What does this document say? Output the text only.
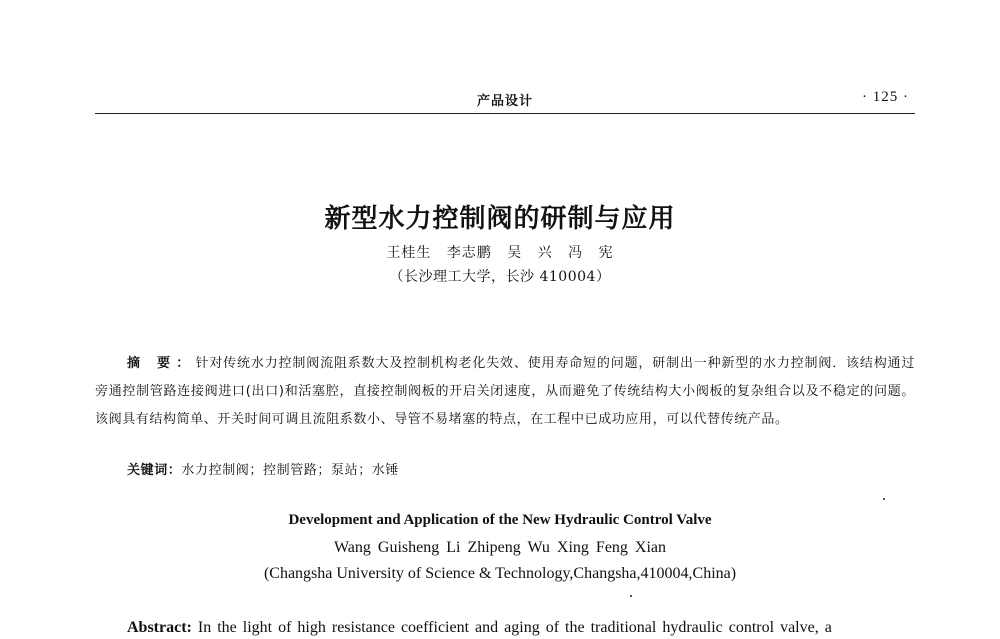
产品设计	· 125 ·
新型水力控制阀的研制与应用
王桂生 李志鹏 吴 兴 冯 宪
（长沙理工大学，长沙 410004）
摘 要：针对传统水力控制阀流阻系数大及控制机构老化失效、使用寿命短的问题，研制出一种新型的水力控制阀．该结构通过旁通控制管路连接阀进口(出口)和活塞腔，直接控制阀板的开启关闭速度，从而避免了传统结构大小阀板的复杂组合以及不稳定的问题。该阀具有结构简单、开关时间可调且流阻系数小、导管不易堵塞的特点，在工程中已成功应用，可以代替传统产品。
关键词：水力控制阀；控制管路；泵站；水锤
Development and Application of the New Hydraulic Control Valve
Wang Guisheng Li Zhipeng Wu Xing Feng Xian
(Changsha University of Science & Technology,Changsha,410004,China)
Abstract: In the light of high resistance coefficient and aging of the traditional hydraulic control valve, a
